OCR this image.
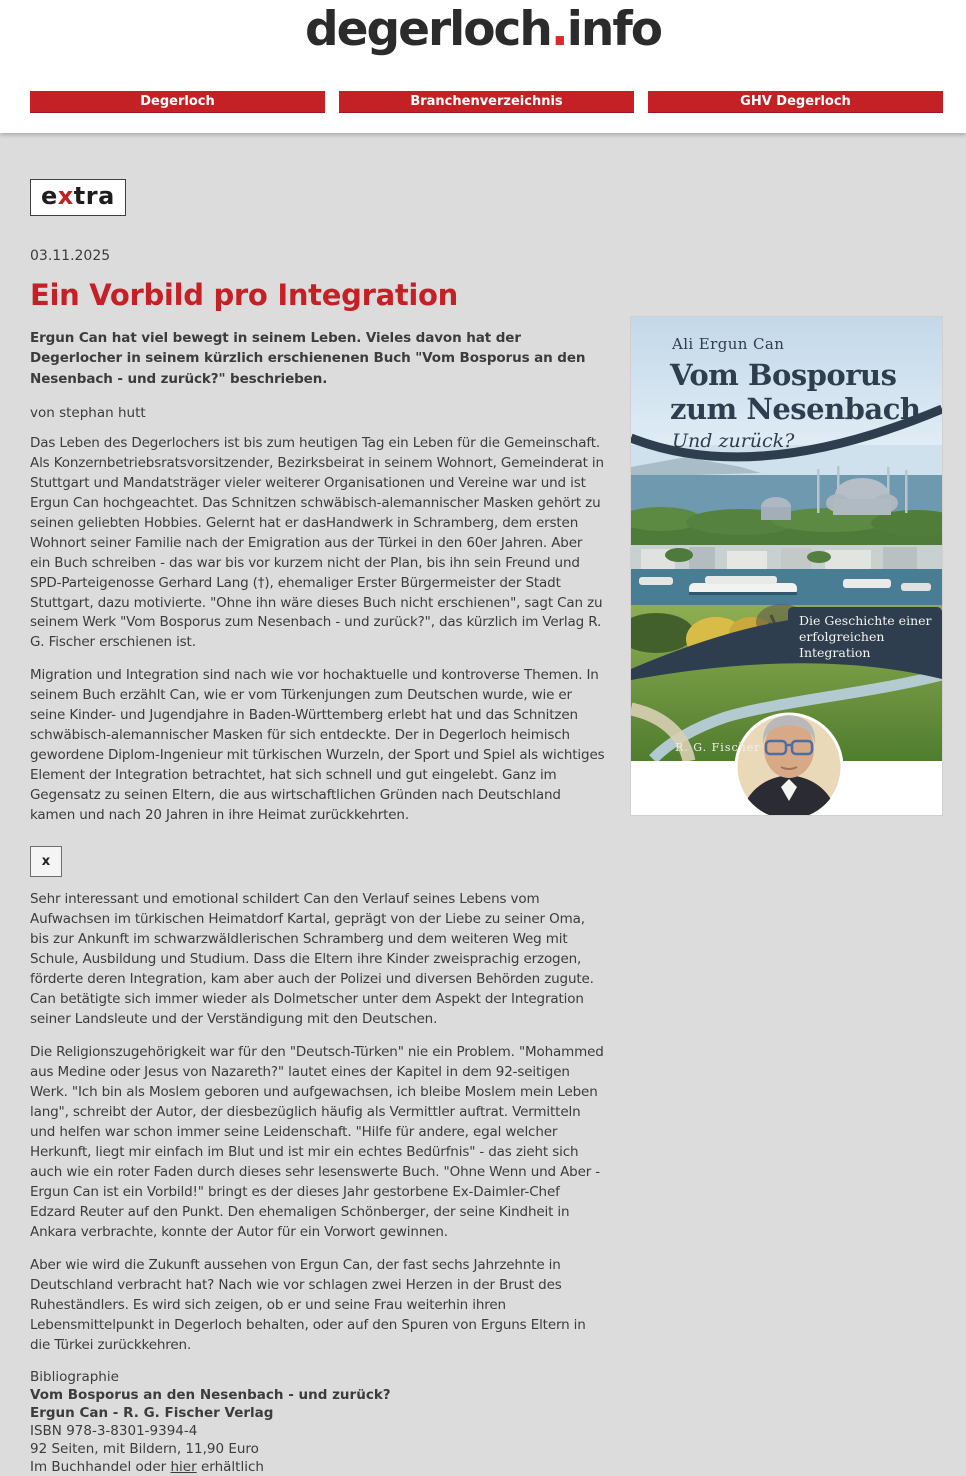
degerloch.info
Degerloch	Branchenverzeichnis	GHV Degerloch
extra
03.11.2025
Ein Vorbild pro Integration

Ergun Can hat viel bewegt in seinem Leben. Vieles davon hat der Degerlocher in seinem kürzlich erschienenen Buch "Vom Bosporus an den Nesenbach - und zurück?" beschrieben.

von stephan hutt

Das Leben des Degerlochers ist bis zum heutigen Tag ein Leben für die Gemeinschaft. Als Konzernbetriebsratsvorsitzender, Bezirksbeirat in seinem Wohnort, Gemeinderat in Stuttgart und Mandatsträger vieler weiterer Organisationen und Vereine war und ist Ergun Can hochgeachtet. Das Schnitzen schwäbisch-alemannischer Masken gehört zu seinen geliebten Hobbies. Gelernt hat er dasHandwerk in Schramberg, dem ersten Wohnort seiner Familie nach der Emigration aus der Türkei in den 60er Jahren. Aber ein Buch schreiben - das war bis vor kurzem nicht der Plan, bis ihn sein Freund und SPD-Parteigenosse Gerhard Lang (†), ehemaliger Erster Bürgermeister der Stadt Stuttgart, dazu motivierte. "Ohne ihn wäre dieses Buch nicht erschienen", sagt Can zu seinem Werk "Vom Bosporus zum Nesenbach - und zurück?", das kürzlich im Verlag R. G. Fischer erschienen ist.

Migration und Integration sind nach wie vor hochaktuelle und kontroverse Themen. In seinem Buch erzählt Can, wie er vom Türkenjungen zum Deutschen wurde, wie er seine Kinder- und Jugendjahre in Baden-Württemberg erlebt hat und das Schnitzen schwäbisch-alemannischer Masken für sich entdeckte. Der in Degerloch heimisch gewordene Diplom-Ingenieur mit türkischen Wurzeln, der Sport und Spiel als wichtiges Element der Integration betrachtet, hat sich schnell und gut eingelebt. Ganz im Gegensatz zu seinen Eltern, die aus wirtschaftlichen Gründen nach Deutschland kamen und nach 20 Jahren in ihre Heimat zurückkehrten.

x

Sehr interessant und emotional schildert Can den Verlauf seines Lebens vom Aufwachsen im türkischen Heimatdorf Kartal, geprägt von der Liebe zu seiner Oma, bis zur Ankunft im schwarzwäldlerischen Schramberg und dem weiteren Weg mit Schule, Ausbildung und Studium. Dass die Eltern ihre Kinder zweisprachig erzogen, förderte deren Integration, kam aber auch der Polizei und diversen Behörden zugute. Can betätigte sich immer wieder als Dolmetscher unter dem Aspekt der Integration seiner Landsleute und der Verständigung mit den Deutschen.

Die Religionszugehörigkeit war für den "Deutsch-Türken" nie ein Problem. "Mohammed aus Medine oder Jesus von Nazareth?" lautet eines der Kapitel in dem 92-seitigen Werk. "Ich bin als Moslem geboren und aufgewachsen, ich bleibe Moslem mein Leben lang", schreibt der Autor, der diesbezüglich häufig als Vermittler auftrat. Vermitteln und helfen war schon immer seine Leidenschaft. "Hilfe für andere, egal welcher Herkunft, liegt mir einfach im Blut und ist mir ein echtes Bedürfnis" - das zieht sich auch wie ein roter Faden durch dieses sehr lesenswerte Buch. "Ohne Wenn und Aber - Ergun Can ist ein Vorbild!" bringt es der dieses Jahr gestorbene Ex-Daimler-Chef Edzard Reuter auf den Punkt. Den ehemaligen Schönberger, der seine Kindheit in Ankara verbrachte, konnte der Autor für ein Vorwort gewinnen.

Aber wie wird die Zukunft aussehen von Ergun Can, der fast sechs Jahrzehnte in Deutschland verbracht hat? Nach wie vor schlagen zwei Herzen in der Brust des Ruheständlers. Es wird sich zeigen, ob er und seine Frau weiterhin ihren Lebensmittelpunkt in Degerloch behalten, oder auf den Spuren von Erguns Eltern in die Türkei zurückkehren.

Bibliographie
Vom Bosporus an den Nesenbach - und zurück?
Ergun Can - R. G. Fischer Verlag
ISBN 978-3-8301-9394-4
92 Seiten, mit Bildern, 11,90 Euro
Im Buchhandel oder hier erhältlich
Ali Ergun Can
Vom Bosporus
zum Nesenbach
Und zurück?
Die Geschichte einer
erfolgreichen Integration
R. G. Fischer
